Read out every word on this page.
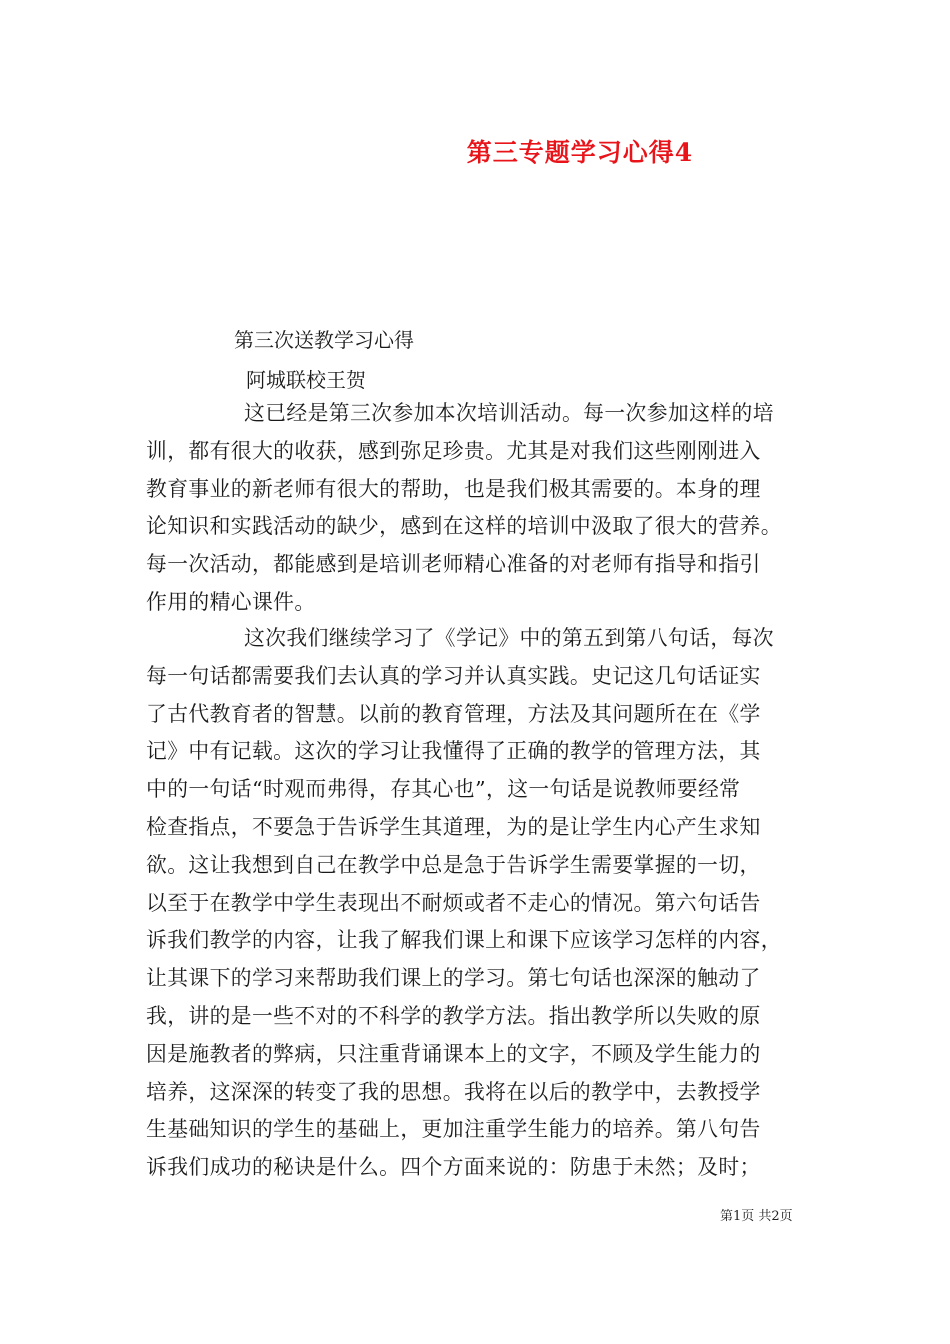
第三专题学习心得4
第三次送教学习心得
阿城联校王贺
这已经是第三次参加本次培训活动。每一次参加这样的培
训，都有很大的收获，感到弥足珍贵。尤其是对我们这些刚刚进入
教育事业的新老师有很大的帮助，也是我们极其需要的。本身的理
论知识和实践活动的缺少，感到在这样的培训中汲取了很大的营养。
每一次活动，都能感到是培训老师精心准备的对老师有指导和指引
作用的精心课件。
这次我们继续学习了《学记》中的第五到第八句话，每次
每一句话都需要我们去认真的学习并认真实践。史记这几句话证实
了古代教育者的智慧。以前的教育管理，方法及其问题所在在《学
记》中有记载。这次的学习让我懂得了正确的教学的管理方法，其
中的一句话“时观而弗得，存其心也”，这一句话是说教师要经常
检查指点，不要急于告诉学生其道理，为的是让学生内心产生求知
欲。这让我想到自己在教学中总是急于告诉学生需要掌握的一切，
以至于在教学中学生表现出不耐烦或者不走心的情况。第六句话告
诉我们教学的内容，让我了解我们课上和课下应该学习怎样的内容，
让其课下的学习来帮助我们课上的学习。第七句话也深深的触动了
我，讲的是一些不对的不科学的教学方法。指出教学所以失败的原
因是施教者的弊病，只注重背诵课本上的文字，不顾及学生能力的
培养，这深深的转变了我的思想。我将在以后的教学中，去教授学
生基础知识的学生的基础上，更加注重学生能力的培养。第八句告
诉我们成功的秘诀是什么。四个方面来说的：防患于未然；及时；
第1页 共2页
